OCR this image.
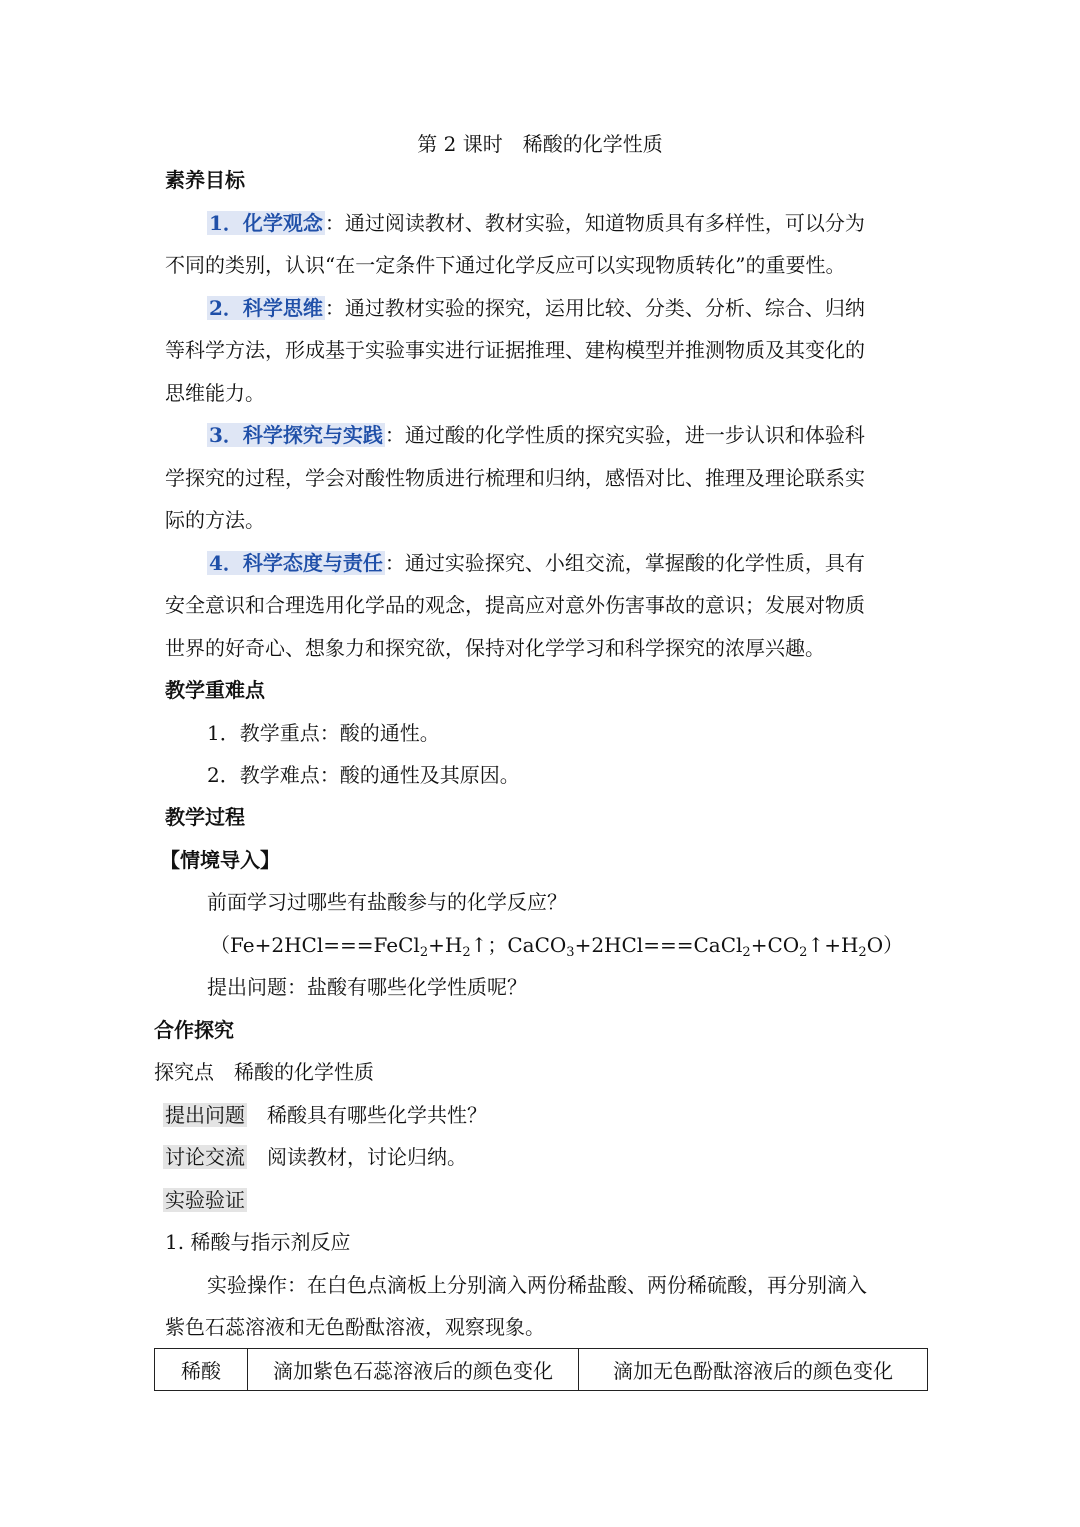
第 2 课时　稀酸的化学性质
素养目标
1．化学观念 ：通过阅读教材、教材实验，知道物质具有多样性，可以分为
不同的类别，认识“在一定条件下通过化学反应可以实现物质转化”的重要性。
2．科学思维 ：通过教材实验的探究，运用比较、分类、分析、综合、归纳
等科学方法，形成基于实验事实进行证据推理、建构模型并推测物质及其变化的
思维能力。
3．科学探究与实践 ：通过酸的化学性质的探究实验，进一步认识和体验科
学探究的过程，学会对酸性物质进行梳理和归纳，感悟对比、推理及理论联系实
际的方法。
4．科学态度与责任 ：通过实验探究、小组交流，掌握酸的化学性质，具有
安全意识和合理选用化学品的观念，提高应对意外伤害事故的意识；发展对物质
世界的好奇心、想象力和探究欲，保持对化学学习和科学探究的浓厚兴趣。
教学重难点
1．教学重点：酸的通性。
2．教学难点：酸的通性及其原因。
教学过程
【情境导入】
前面学习过哪些有盐酸参与的化学反应？
（$Fe+2HCl===FeCl_2+H_2↑$；$CaCO_3+2HCl===CaCl_2+CO_2↑+H_2O$）
提出问题：盐酸有哪些化学性质呢？
合作探究
探究点　稀酸的化学性质
提出问题 稀酸具有哪些化学共性？
讨论交流 阅读教材，讨论归纳。
实验验证
1. 稀酸与指示剂反应
实验操作：在白色点滴板上分别滴入两份稀盐酸、两份稀硫酸，再分别滴入
紫色石蕊溶液和无色酚酞溶液，观察现象。
稀酸	滴加紫色石蕊溶液后的颜色变化	滴加无色酚酞溶液后的颜色变化
